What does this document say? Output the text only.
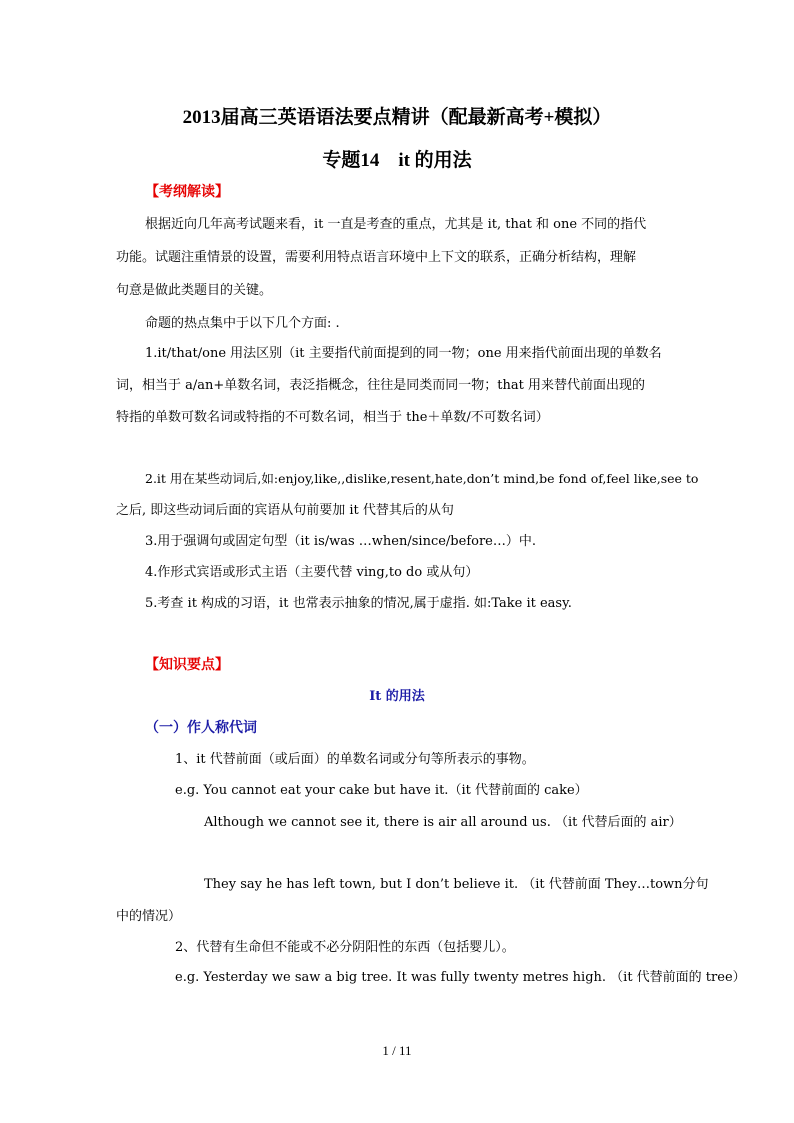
2013届高三英语语法要点精讲（配最新高考+模拟）
专题14　it 的用法
【考纲解读】
根据近向几年高考试题来看，it 一直是考查的重点，尤其是 it, that 和 one 不同的指代
功能。试题注重情景的设置，需要利用特点语言环境中上下文的联系，正确分析结构，理解
句意是做此类题目的关键。
命题的热点集中于以下几个方面: .
1.it/that/one 用法区别（it 主要指代前面提到的同一物；one 用来指代前面出现的单数名
词，相当于 a/an+单数名词，表泛指概念，往往是同类而同一物；that 用来替代前面出现的
特指的单数可数名词或特指的不可数名词，相当于 the＋单数/不可数名词）
2.it 用在某些动词后,如:enjoy,like,,dislike,resent,hate,don’t mind,be fond of,feel like,see to
之后, 即这些动词后面的宾语从句前要加 it 代替其后的从句
3.用于强调句或固定句型（it is/was …when/since/before…）中.
4.作形式宾语或形式主语（主要代替 ving,to do 或从句）
5.考查 it 构成的习语，it 也常表示抽象的情况,属于虚指. 如:Take it easy.
【知识要点】
It 的用法
（一）作人称代词
1、it 代替前面（或后面）的单数名词或分句等所表示的事物。
e.g. You cannot eat your cake but have it.（it 代替前面的 cake）
Although we cannot see it, there is air all around us. （it 代替后面的 air）
They say he has left town, but I don’t believe it. （it 代替前面 They…town分句
中的情况）
2、代替有生命但不能或不必分阴阳性的东西（包括婴儿）。
e.g. Yesterday we saw a big tree. It was fully twenty metres high. （it 代替前面的 tree）
1 / 11
